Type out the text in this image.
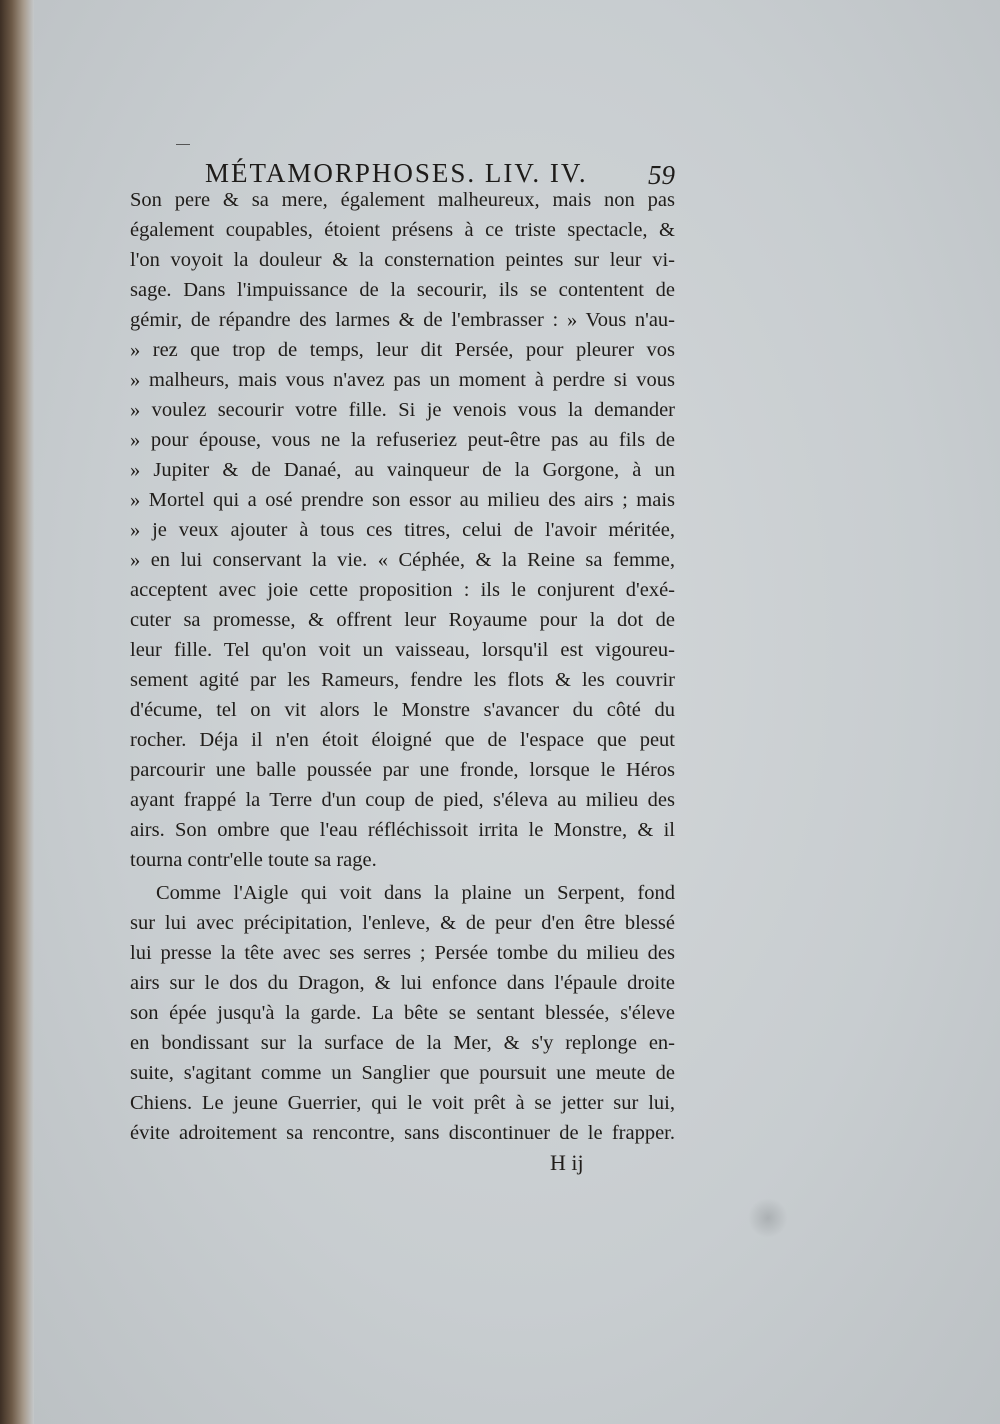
MÉTAMORPHOSES. LIV. IV. 59
Son pere & sa mere, également malheureux, mais non pas
également coupables, étoient présens à ce triste spectacle, &
l'on voyoit la douleur & la consternation peintes sur leur vi-
sage. Dans l'impuissance de la secourir, ils se contentent de
gémir, de répandre des larmes & de l'embrasser : » Vous n'au-
» rez que trop de temps, leur dit Persée, pour pleurer vos
» malheurs, mais vous n'avez pas un moment à perdre si vous
» voulez secourir votre fille. Si je venois vous la demander
» pour épouse, vous ne la refuseriez peut-être pas au fils de
» Jupiter & de Danaé, au vainqueur de la Gorgone, à un
» Mortel qui a osé prendre son essor au milieu des airs ; mais
» je veux ajouter à tous ces titres, celui de l'avoir méritée,
» en lui conservant la vie. « Céphée, & la Reine sa femme,
acceptent avec joie cette proposition : ils le conjurent d'exé-
cuter sa promesse, & offrent leur Royaume pour la dot de
leur fille. Tel qu'on voit un vaisseau, lorsqu'il est vigoureu-
sement agité par les Rameurs, fendre les flots & les couvrir
d'écume, tel on vit alors le Monstre s'avancer du côté du
rocher. Déja il n'en étoit éloigné que de l'espace que peut
parcourir une balle poussée par une fronde, lorsque le Héros
ayant frappé la Terre d'un coup de pied, s'éleva au milieu des
airs. Son ombre que l'eau réfléchissoit irrita le Monstre, & il
tourna contr'elle toute sa rage.
Comme l'Aigle qui voit dans la plaine un Serpent, fond
sur lui avec précipitation, l'enleve, & de peur d'en être blessé
lui presse la tête avec ses serres ; Persée tombe du milieu des
airs sur le dos du Dragon, & lui enfonce dans l'épaule droite
son épée jusqu'à la garde. La bête se sentant blessée, s'éleve
en bondissant sur la surface de la Mer, & s'y replonge en-
suite, s'agitant comme un Sanglier que poursuit une meute de
Chiens. Le jeune Guerrier, qui le voit prêt à se jetter sur lui,
évite adroitement sa rencontre, sans discontinuer de le frapper.
H ij
